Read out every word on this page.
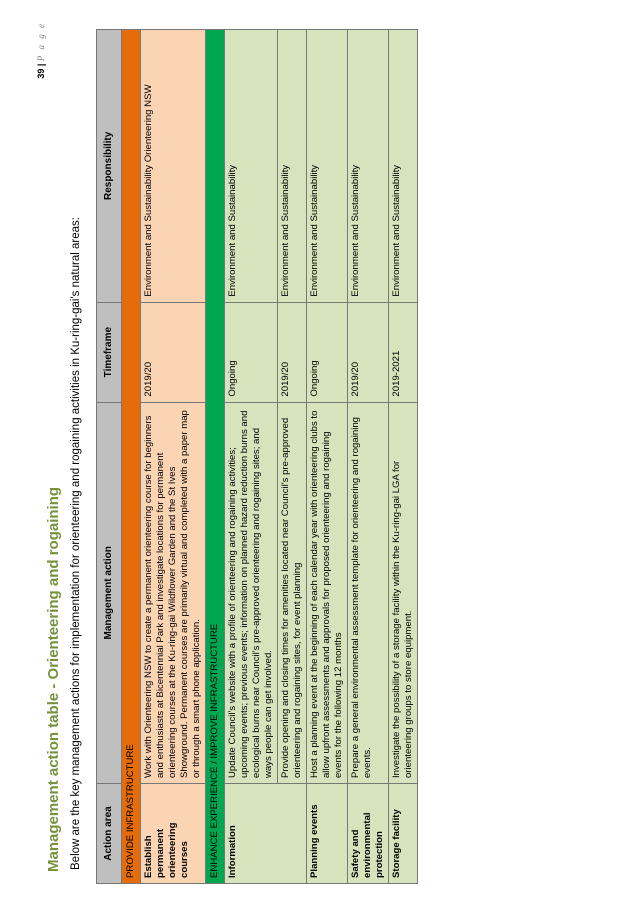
Management action table - Orienteering and rogaining Below are the key management actions for implementation for orienteering and rogaining activities in Ku-ring-gai's natural areas: Action area	Management action	Timeframe	Responsibility
PROVIDE INFRASTRUCTURE			
Establish permanent orienteering courses	Work with Orienteering NSW to create a permanent orienteering course for beginners and enthusiasts at Bicentennial Park and investigate locations for permanent orienteering courses at the Ku-ring-gai Wildflower Garden and the St Ives Showground. Permanent courses are primarily virtual and completed with a paper map or through a smart phone application.	2019/20	Environment and Sustainability Orienteering NSW
ENHANCE EXPERIENCE / IMPROVE INFRASTRUCTURE			
Information	Update Council's website with a profile of orienteering and rogaining activities; upcoming events; previous events; information on planned hazard reduction burns and ecological burns near Council's pre-approved orienteering and rogaining sites; and ways people can get involved.	Ongoing	Environment and Sustainability
	Provide opening and closing times for amenities located near Council's pre-approved orienteering and rogaining sites, for event planning	2019/20	Environment and Sustainability
Planning events	Host a planning event at the beginning of each calendar year with orienteering clubs to allow upfront assessments and approvals for proposed orienteering and rogaining events for the following 12 months	Ongoing	Environment and Sustainability
Safety and environmental protection	Prepare a general environmental assessment template for orienteering and rogaining events.	2019/20	Environment and Sustainability
Storage facility	Investigate the possibility of a storage facility within the Ku-ring-gai LGA for orienteering groups to store equipment.	2019-2021	Environment and Sustainability
39 | P a g e
